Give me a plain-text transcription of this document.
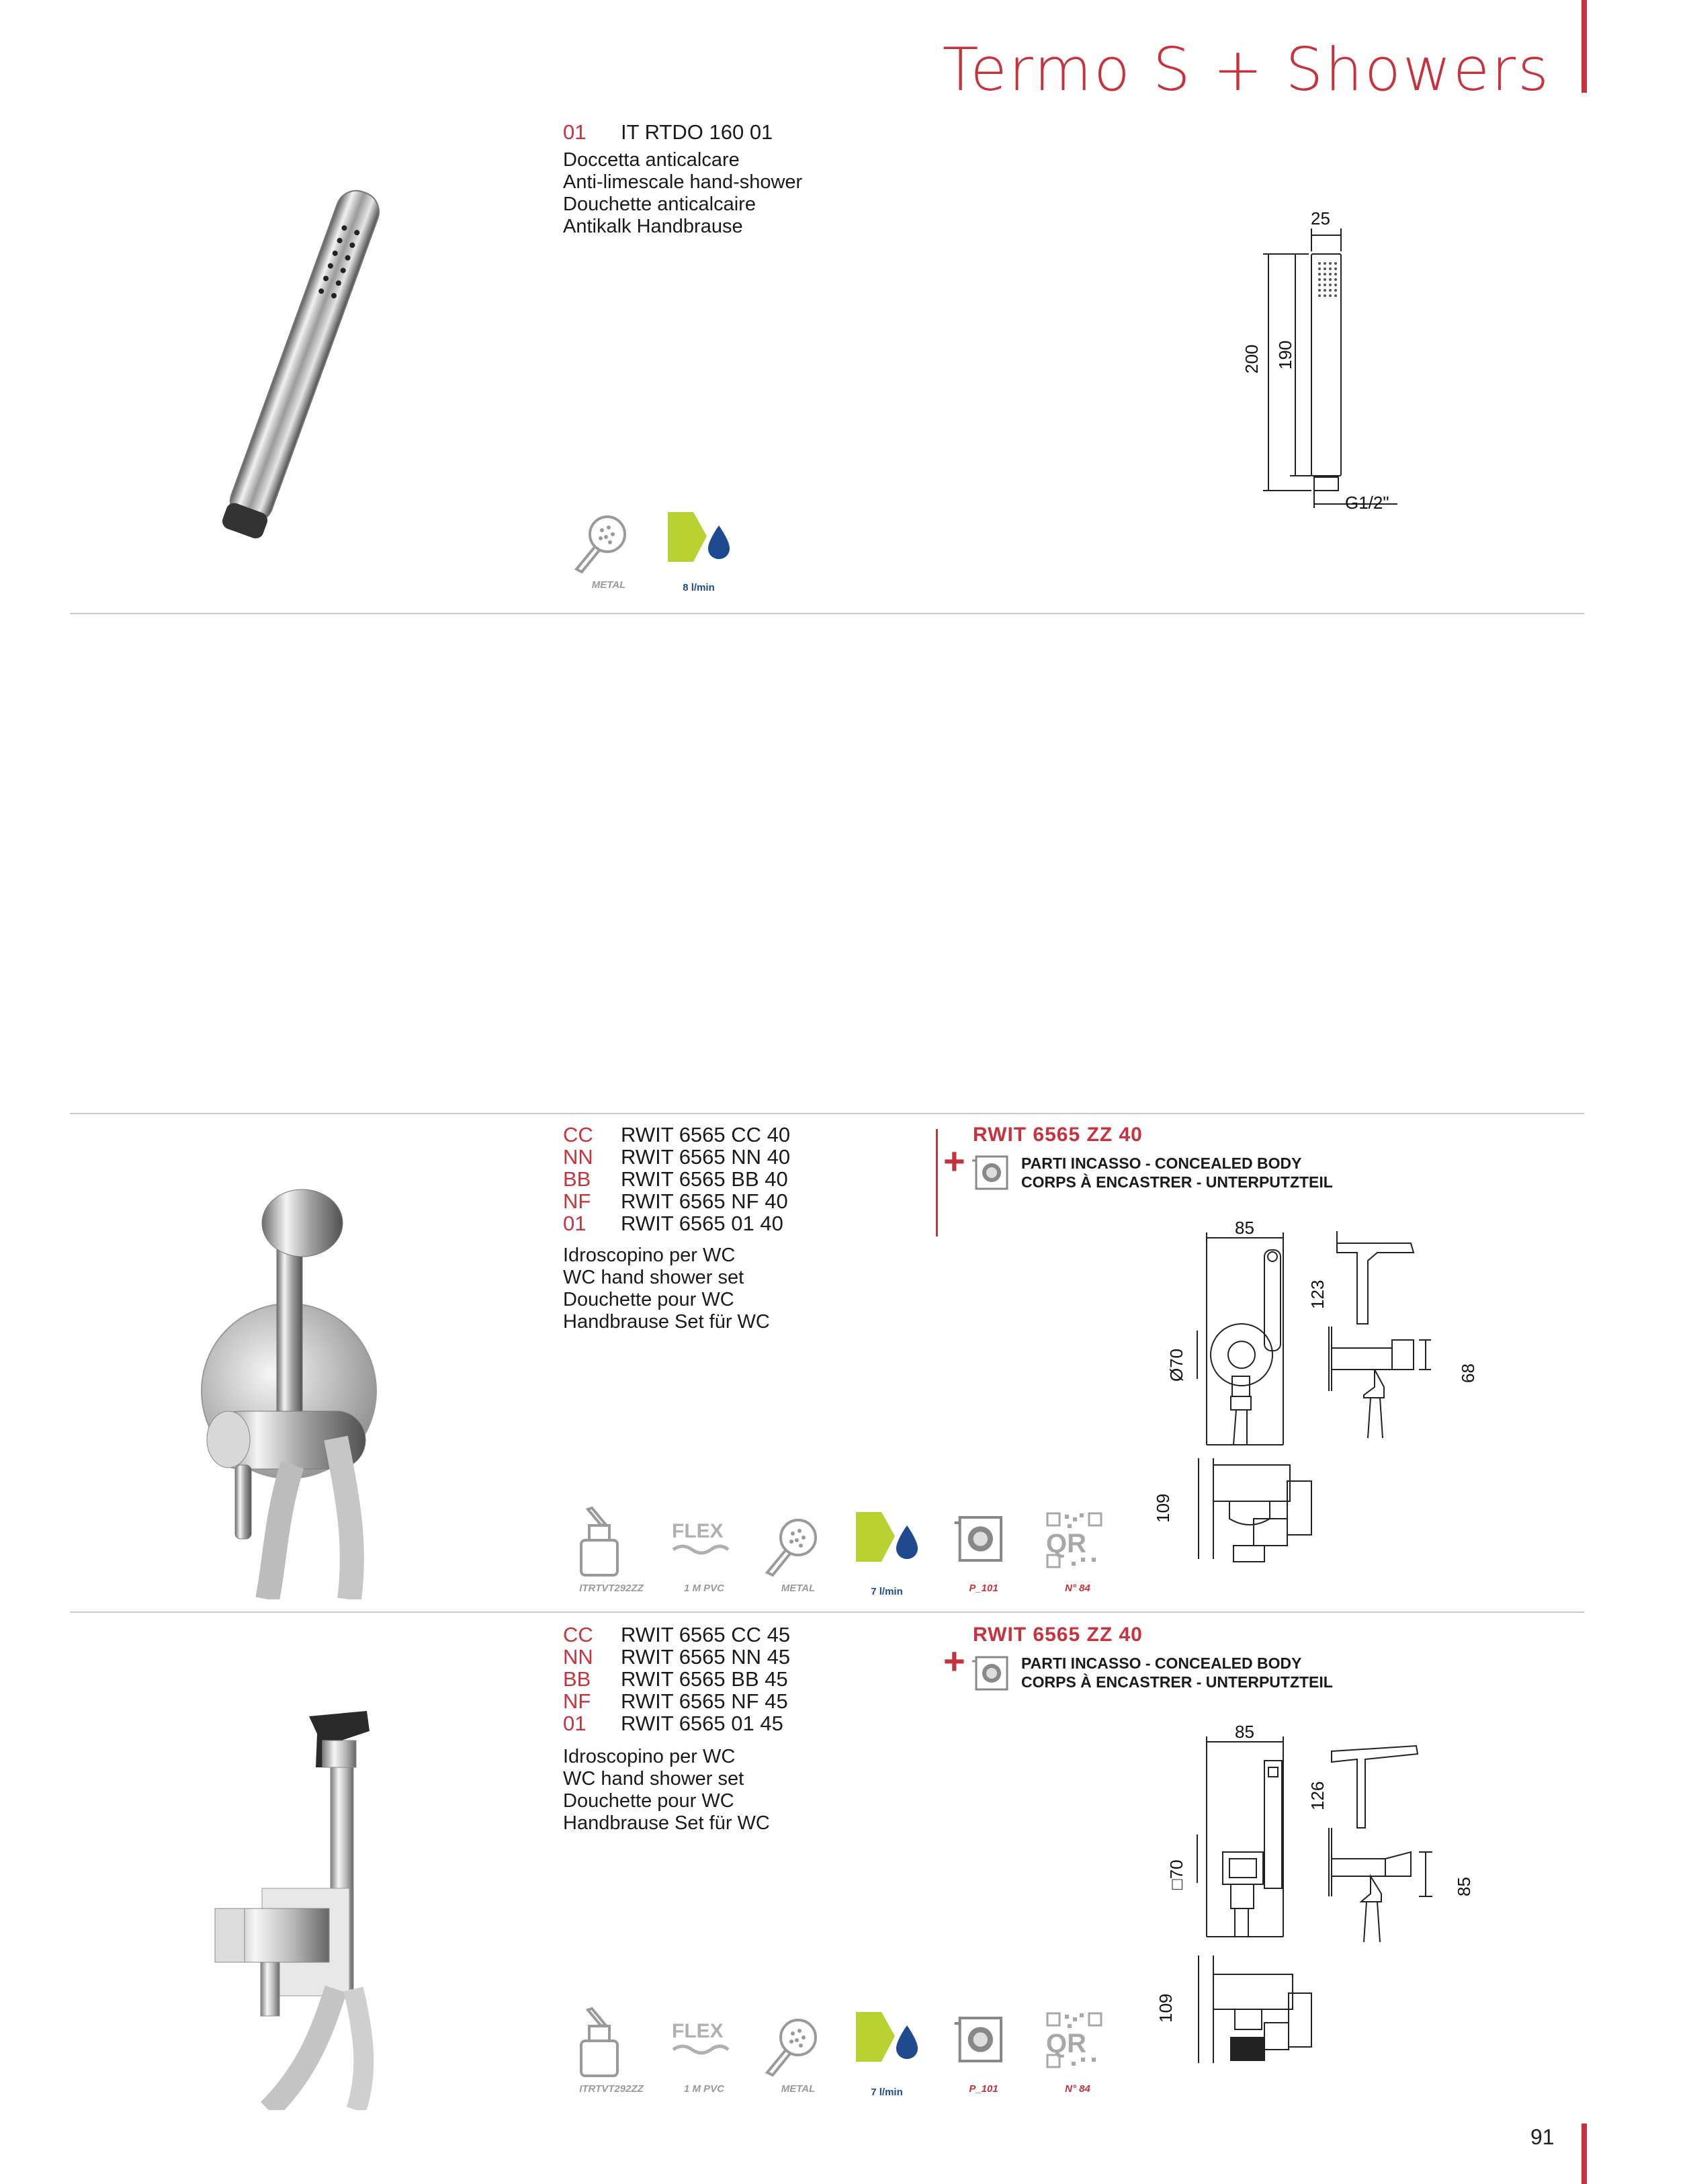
Termo S + Showers
01 IT RTDO 160 01
Doccetta anticalcare
Anti-limescale hand-shower
Douchette anticalcaire
Antikalk Handbrause
METAL	8 l/min
25
200 190
G1/2"
CC RWIT 6565 CC 40
NN RWIT 6565 NN 40
BB RWIT 6565 BB 40
NF RWIT 6565 NF 40
01 RWIT 6565 01 40
Idroscopino per WC
WC hand shower set
Douchette pour WC
Handbrause Set für WC
RWIT 6565 ZZ 40
+	PARTI INCASSO - CONCEALED BODY
CORPS À ENCASTRER - UNTERPUTZTEIL
FLEX	QR
ITRTVT292ZZ	1 M PVC	METAL	7 l/min	P_101	N° 84
85
123
Ø70	68
109
CC RWIT 6565 CC 45
NN RWIT 6565 NN 45
BB RWIT 6565 BB 45
NF RWIT 6565 NF 45
01 RWIT 6565 01 45
Idroscopino per WC
WC hand shower set
Douchette pour WC
Handbrause Set für WC
RWIT 6565 ZZ 40
+	PARTI INCASSO - CONCEALED BODY
CORPS À ENCASTRER - UNTERPUTZTEIL
FLEX	QR
ITRTVT292ZZ	1 M PVC	METAL	7 l/min	P_101	N° 84
85
126
□70	85
109
91
